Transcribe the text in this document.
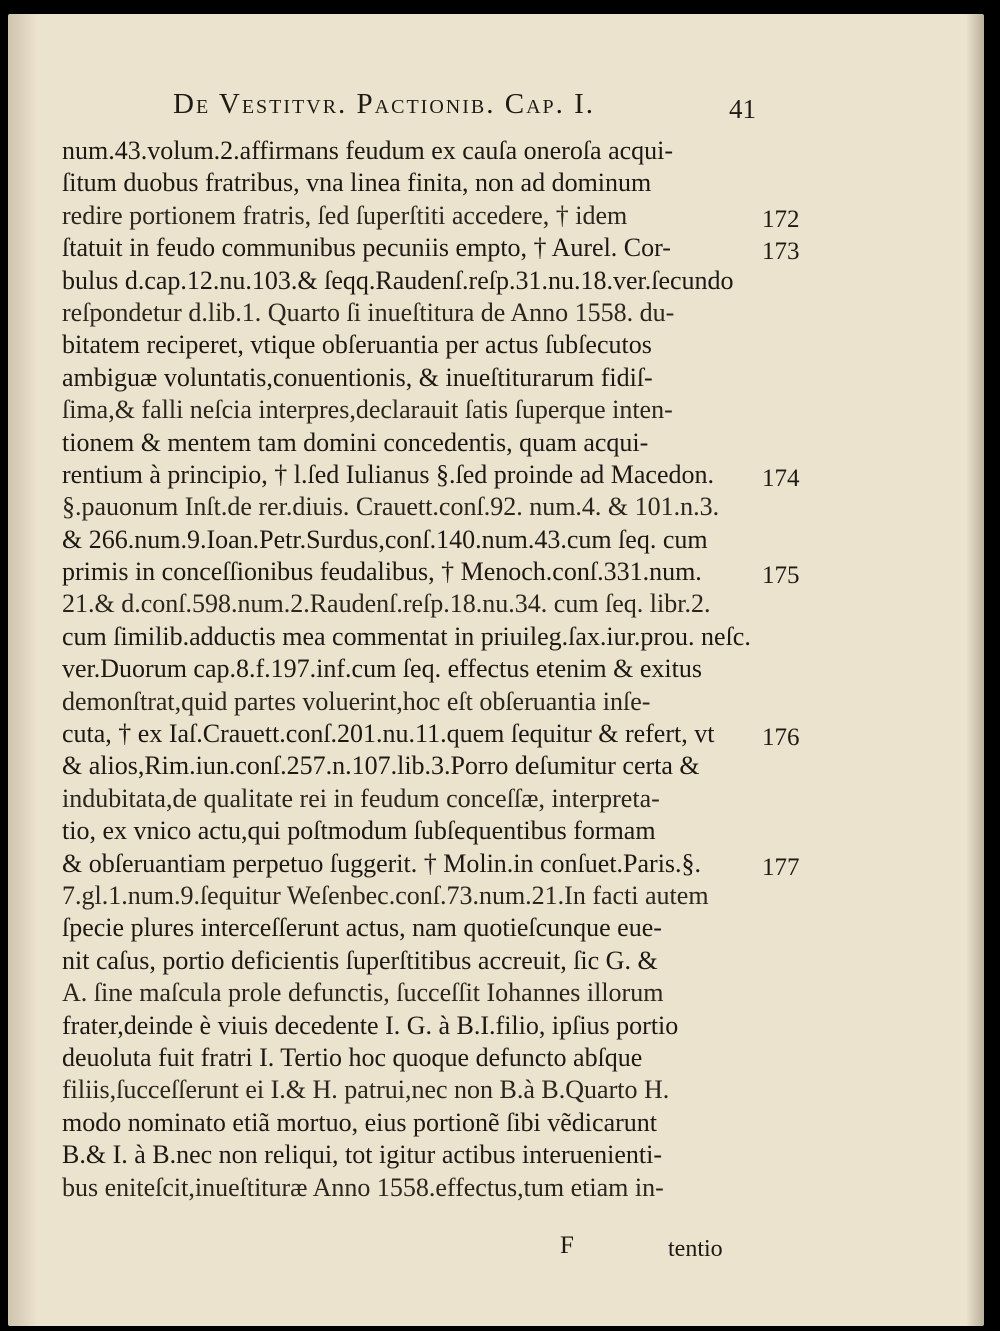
De Vestitvr. Pactionib. Cap. I.	41
num.43.volum.2.affirmans feudum ex cauſa oneroſa acqui-
ſitum duobus fratribus, vna linea finita, non ad dominum
redire portionem fratris, ſed ſuperſtiti accedere, † idem
ſtatuit in feudo communibus pecuniis empto, † Aurel. Cor-
bulus d.cap.12.nu.103.& ſeqq.Raudenſ.reſp.31.nu.18.ver.ſecundo
reſpondetur d.lib.1. Quarto ſi inueſtitura de Anno 1558. du-
bitatem reciperet, vtique obſeruantia per actus ſubſecutos
ambiguæ voluntatis,conuentionis, & inueſtiturarum fidiſ-
ſima,& falli neſcia interpres,declarauit ſatis ſuperque inten-
tionem & mentem tam domini concedentis, quam acqui-
rentium à principio, † l.ſed Iulianus §.ſed proinde ad Macedon.
§.pauonum Inſt.de rer.diuis. Crauett.conſ.92. num.4. & 101.n.3.
& 266.num.9.Ioan.Petr.Surdus,conſ.140.num.43.cum ſeq. cum
primis in conceſſionibus feudalibus, † Menoch.conſ.331.num.
21.& d.conſ.598.num.2.Raudenſ.reſp.18.nu.34. cum ſeq. libr.2.
cum ſimilib.adductis mea commentat in priuileg.ſax.iur.prou. neſc.
ver.Duorum cap.8.f.197.inf.cum ſeq. effectus etenim & exitus
demonſtrat,quid partes voluerint,hoc eſt obſeruantia inſe-
cuta, † ex Iaſ.Crauett.conſ.201.nu.11.quem ſequitur & refert, vt
& alios,Rim.iun.conſ.257.n.107.lib.3.Porro deſumitur certa &
indubitata,de qualitate rei in feudum conceſſæ, interpreta-
tio, ex vnico actu,qui poſtmodum ſubſequentibus formam
& obſeruantiam perpetuo ſuggerit. † Molin.in conſuet.Paris.§.
7.gl.1.num.9.ſequitur Weſenbec.conſ.73.num.21.In facti autem
ſpecie plures interceſſerunt actus, nam quotieſcunque eue-
nit caſus, portio deficientis ſuperſtitibus accreuit, ſic G. &
A. ſine maſcula prole defunctis, ſucceſſit Iohannes illorum
frater,deinde è viuis decedente I. G. à B.I.filio, ipſius portio
deuoluta fuit fratri I. Tertio hoc quoque defuncto abſque
filiis,ſucceſſerunt ei I.& H. patrui,nec non B.à B.Quarto H.
modo nominato etiã mortuo, eius portionẽ ſibi vẽdicarunt
B.& I. à B.nec non reliqui, tot igitur actibus interuenienti-
bus eniteſcit,inueſtituræ Anno 1558.effectus,tum etiam in-
172
173
174
175
176
177
F	tentio
